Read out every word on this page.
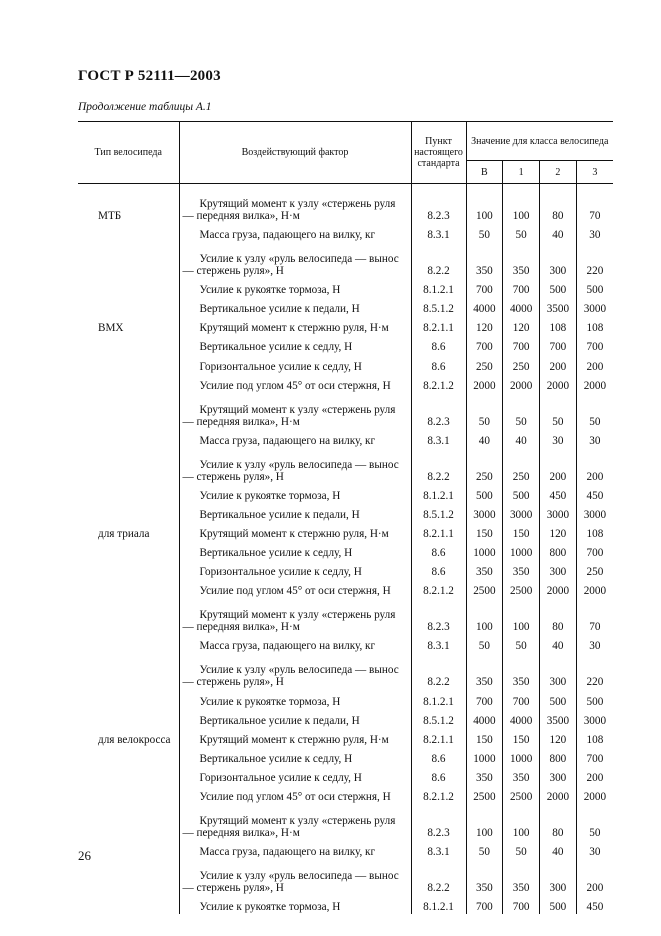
ГОСТ Р 52111—2003
Продолжение таблицы А.1
Тип велосипеда	Воздействующий фактор	Пункт настоящего стандарта	Значение для класса велосипеда			
			В	1	2	3
МТБ	Крутящий момент к узлу «стержень руля — передняя вилка», Н·м	8.2.3	100	100	80	70
	Масса груза, падающего на вилку, кг	8.3.1	50	50	40	30
	Усилие к узлу «руль велосипеда — вынос — стержень руля», Н	8.2.2	350	350	300	220
	Усилие к рукоятке тормоза, Н	8.1.2.1	700	700	500	500
	Вертикальное усилие к педали, Н	8.5.1.2	4000	4000	3500	3000
BMX	Крутящий момент к стержню руля, Н·м	8.2.1.1	120	120	108	108
	Вертикальное усилие к седлу, Н	8.6	700	700	700	700
	Горизонтальное усилие к седлу, Н	8.6	250	250	200	200
	Усилие под углом 45° от оси стержня, Н	8.2.1.2	2000	2000	2000	2000
	Крутящий момент к узлу «стержень руля — передняя вилка», Н·м	8.2.3	50	50	50	50
	Масса груза, падающего на вилку, кг	8.3.1	40	40	30	30
	Усилие к узлу «руль велосипеда — вынос — стержень руля», Н	8.2.2	250	250	200	200
	Усилие к рукоятке тормоза, Н	8.1.2.1	500	500	450	450
	Вертикальное усилие к педали, Н	8.5.1.2	3000	3000	3000	3000
для триала	Крутящий момент к стержню руля, Н·м	8.2.1.1	150	150	120	108
	Вертикальное усилие к седлу, Н	8.6	1000	1000	800	700
	Горизонтальное усилие к седлу, Н	8.6	350	350	300	250
	Усилие под углом 45° от оси стержня, Н	8.2.1.2	2500	2500	2000	2000
	Крутящий момент к узлу «стержень руля — передняя вилка», Н·м	8.2.3	100	100	80	70
	Масса груза, падающего на вилку, кг	8.3.1	50	50	40	30
	Усилие к узлу «руль велосипеда — вынос — стержень руля», Н	8.2.2	350	350	300	220
	Усилие к рукоятке тормоза, Н	8.1.2.1	700	700	500	500
	Вертикальное усилие к педали, Н	8.5.1.2	4000	4000	3500	3000
для велокросса	Крутящий момент к стержню руля, Н·м	8.2.1.1	150	150	120	108
	Вертикальное усилие к седлу, Н	8.6	1000	1000	800	700
	Горизонтальное усилие к седлу, Н	8.6	350	350	300	200
	Усилие под углом 45° от оси стержня, Н	8.2.1.2	2500	2500	2000	2000
	Крутящий момент к узлу «стержень руля — передняя вилка», Н·м	8.2.3	100	100	80	50
	Масса груза, падающего на вилку, кг	8.3.1	50	50	40	30
	Усилие к узлу «руль велосипеда — вынос — стержень руля», Н	8.2.2	350	350	300	200
	Усилие к рукоятке тормоза, Н	8.1.2.1	700	700	500	450
26
